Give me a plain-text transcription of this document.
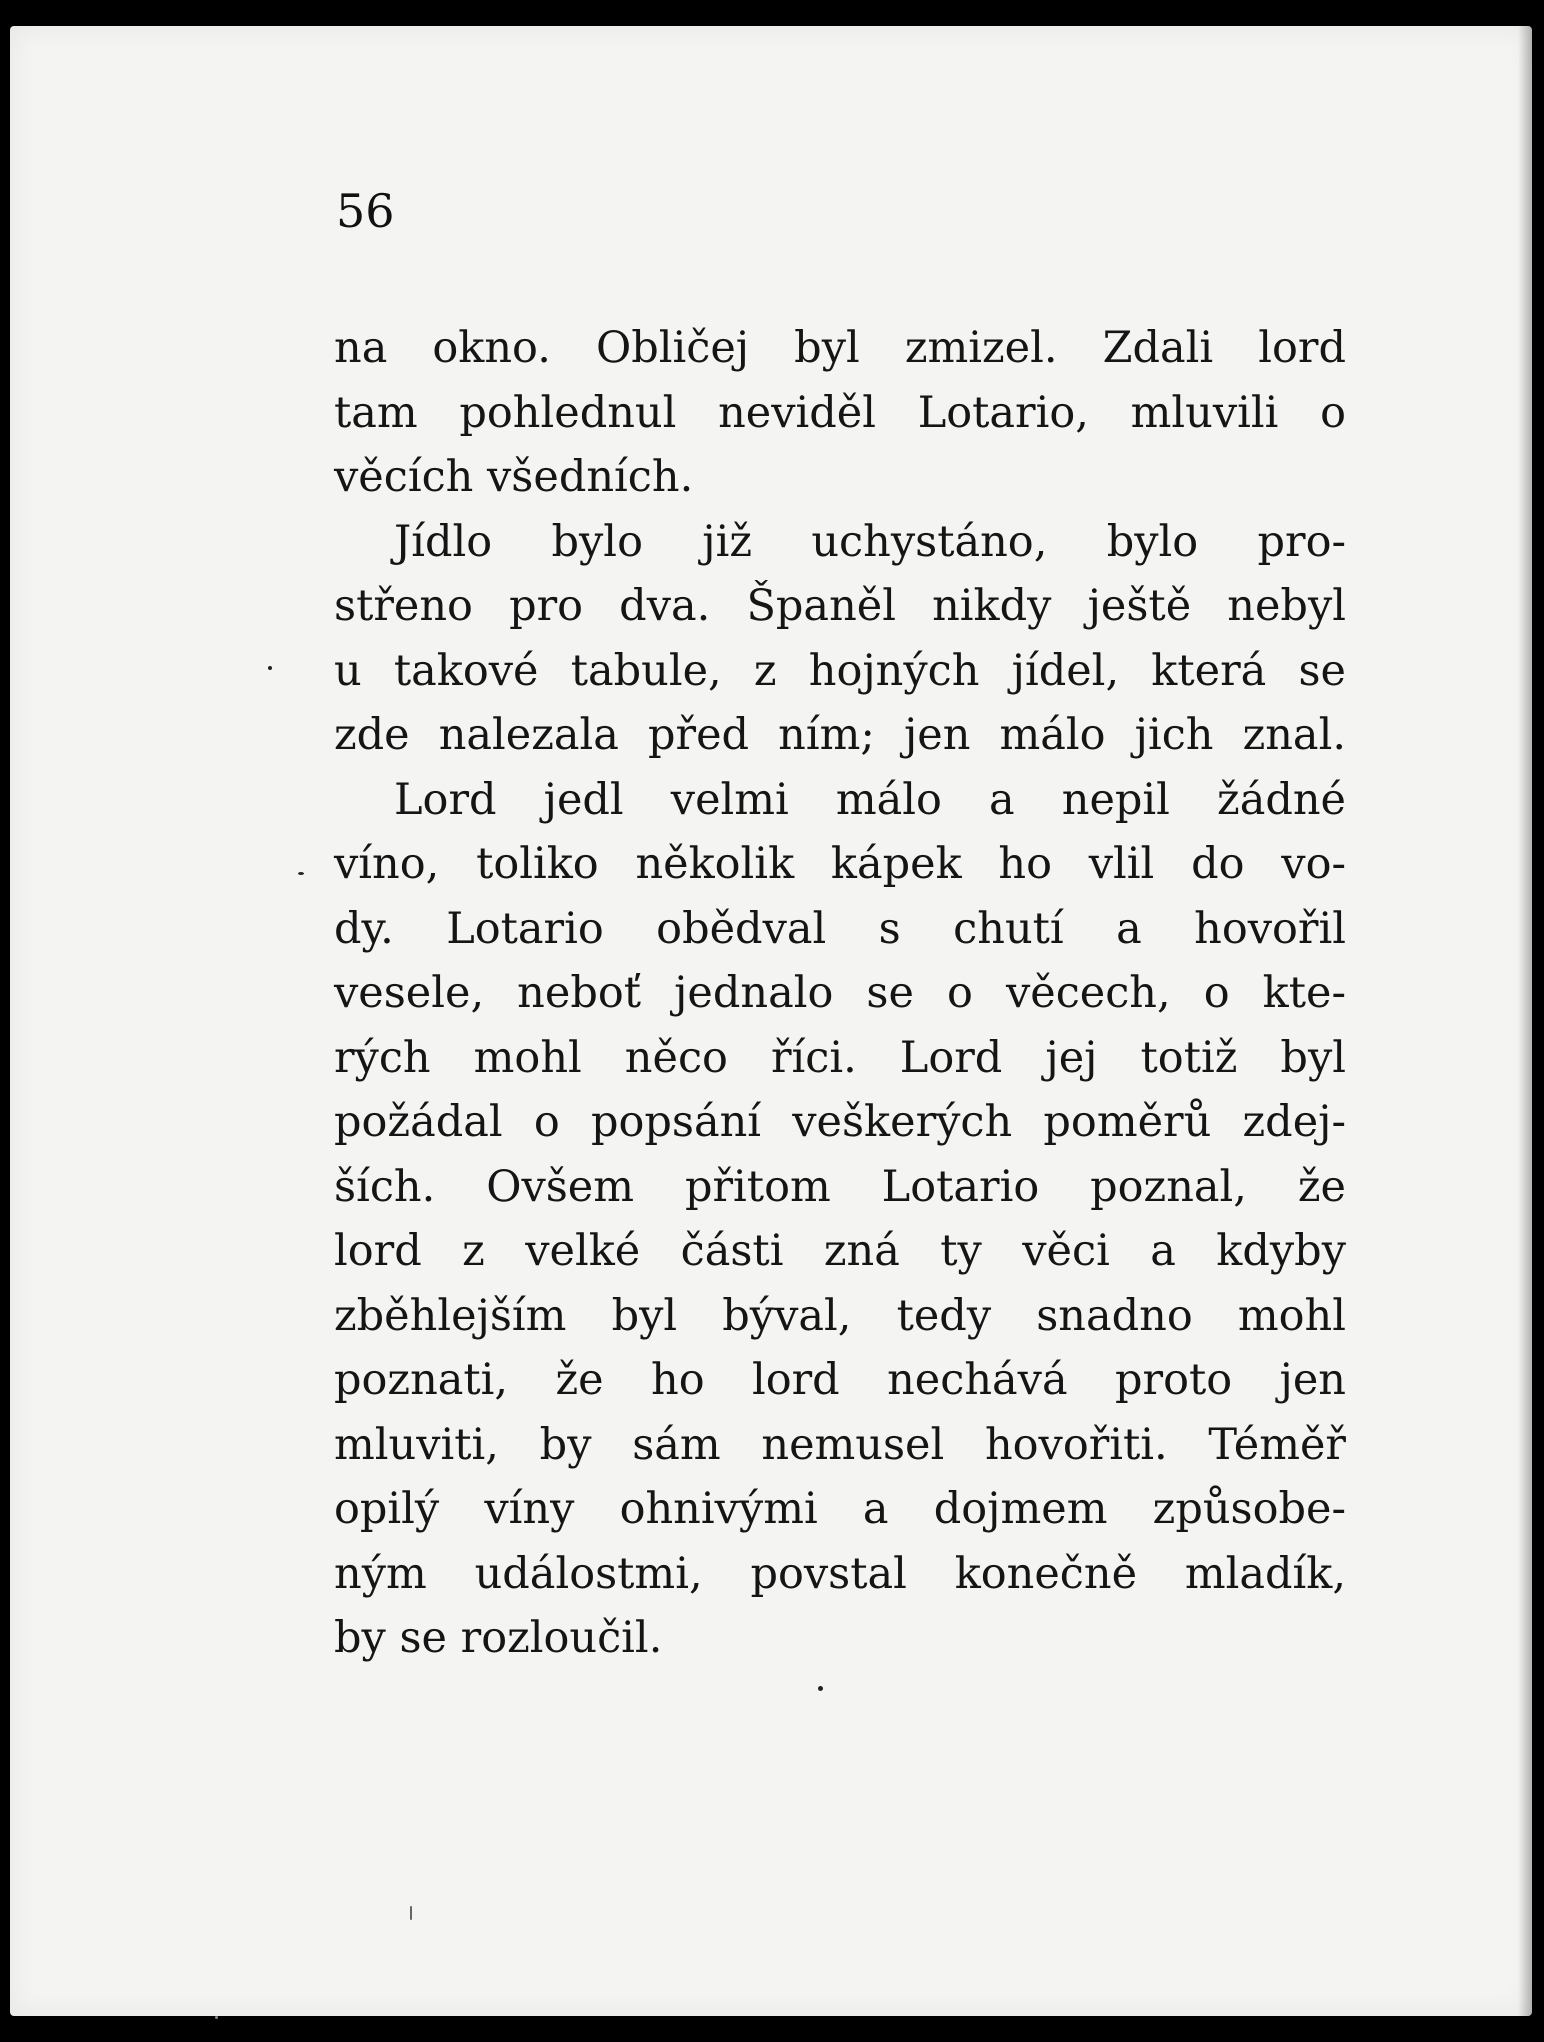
56
na okno. Obličej byl zmizel. Zdali lord
tam pohlednul neviděl Lotario, mluvili o
věcích všedních.
Jídlo bylo již uchystáno, bylo pro-
střeno pro dva. Španěl nikdy ještě nebyl
u takové tabule, z hojných jídel, která se
zde nalezala před ním; jen málo jich znal.
Lord jedl velmi málo a nepil žádné
víno, toliko několik kápek ho vlil do vo-
dy. Lotario obědval s chutí a hovořil
vesele, neboť jednalo se o věcech, o kte-
rých mohl něco říci. Lord jej totiž byl
požádal o popsání veškerých poměrů zdej-
ších. Ovšem přitom Lotario poznal, že
lord z velké části zná ty věci a kdyby
zběhlejším byl býval, tedy snadno mohl
poznati, že ho lord nechává proto jen
mluviti, by sám nemusel hovořiti. Téměř
opilý víny ohnivými a dojmem způsobe-
ným událostmi, povstal konečně mladík,
by se rozloučil.
